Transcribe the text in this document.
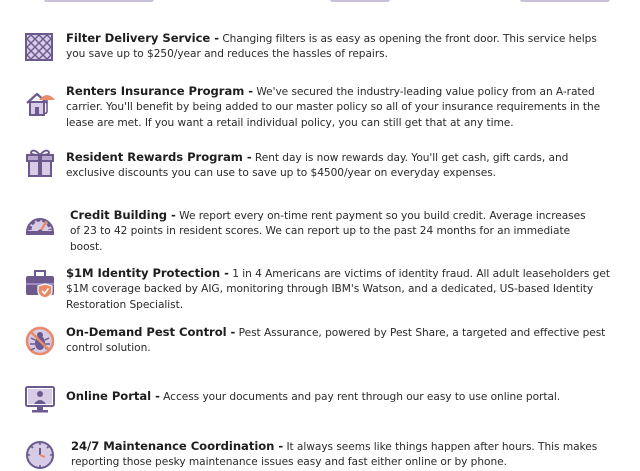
Filter Delivery Service - Changing filters is as easy as opening the front door. This service helps you save up to $250/year and reduces the hassles of repairs.
Renters Insurance Program - We've secured the industry-leading value policy from an A-rated carrier. You'll benefit by being added to our master policy so all of your insurance requirements in the lease are met. If you want a retail individual policy, you can still get that at any time.
Resident Rewards Program - Rent day is now rewards day. You'll get cash, gift cards, and exclusive discounts you can use to save up to $4500/year on everyday expenses.
Credit Building - We report every on-time rent payment so you build credit. Average increases of 23 to 42 points in resident scores. We can report up to the past 24 months for an immediate boost.
$1M Identity Protection - 1 in 4 Americans are victims of identity fraud. All adult leaseholders get $1M coverage backed by AIG, monitoring through IBM's Watson, and a dedicated, US-based Identity Restoration Specialist.
On-Demand Pest Control - Pest Assurance, powered by Pest Share, a targeted and effective pest control solution.
Online Portal - Access your documents and pay rent through our easy to use online portal.
24/7 Maintenance Coordination - It always seems like things happen after hours. This makes reporting those pesky maintenance issues easy and fast either online or by phone.
